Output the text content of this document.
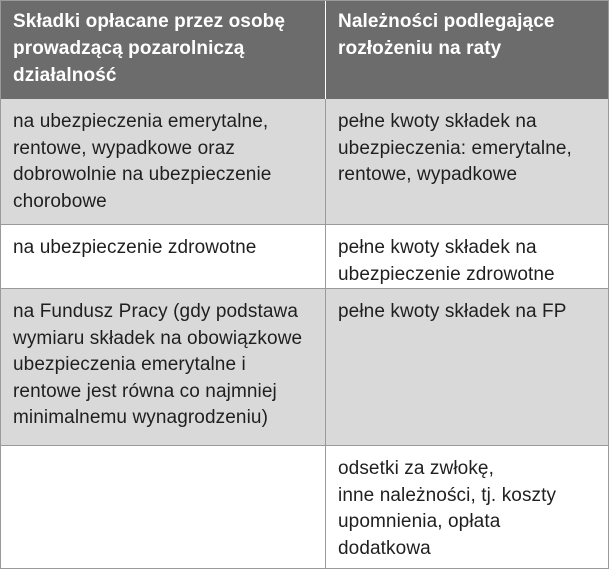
Składki opłacane przez osobę
prowadzącą pozarolniczą
działalność
Należności podlegające
rozłożeniu na raty
na ubezpieczenia emerytalne,
rentowe, wypadkowe oraz
dobrowolnie na ubezpieczenie
chorobowe
pełne kwoty składek na
ubezpieczenia: emerytalne,
rentowe, wypadkowe
na ubezpieczenie zdrowotne	pełne kwoty składek na
ubezpieczenie zdrowotne
na Fundusz Pracy (gdy podstawa
wymiaru składek na obowiązkowe
ubezpieczenia emerytalne i
rentowe jest równa co najmniej
minimalnemu wynagrodzeniu)
pełne kwoty składek na FP
odsetki za zwłokę,
inne należności, tj. koszty
upomnienia, opłata
dodatkowa
